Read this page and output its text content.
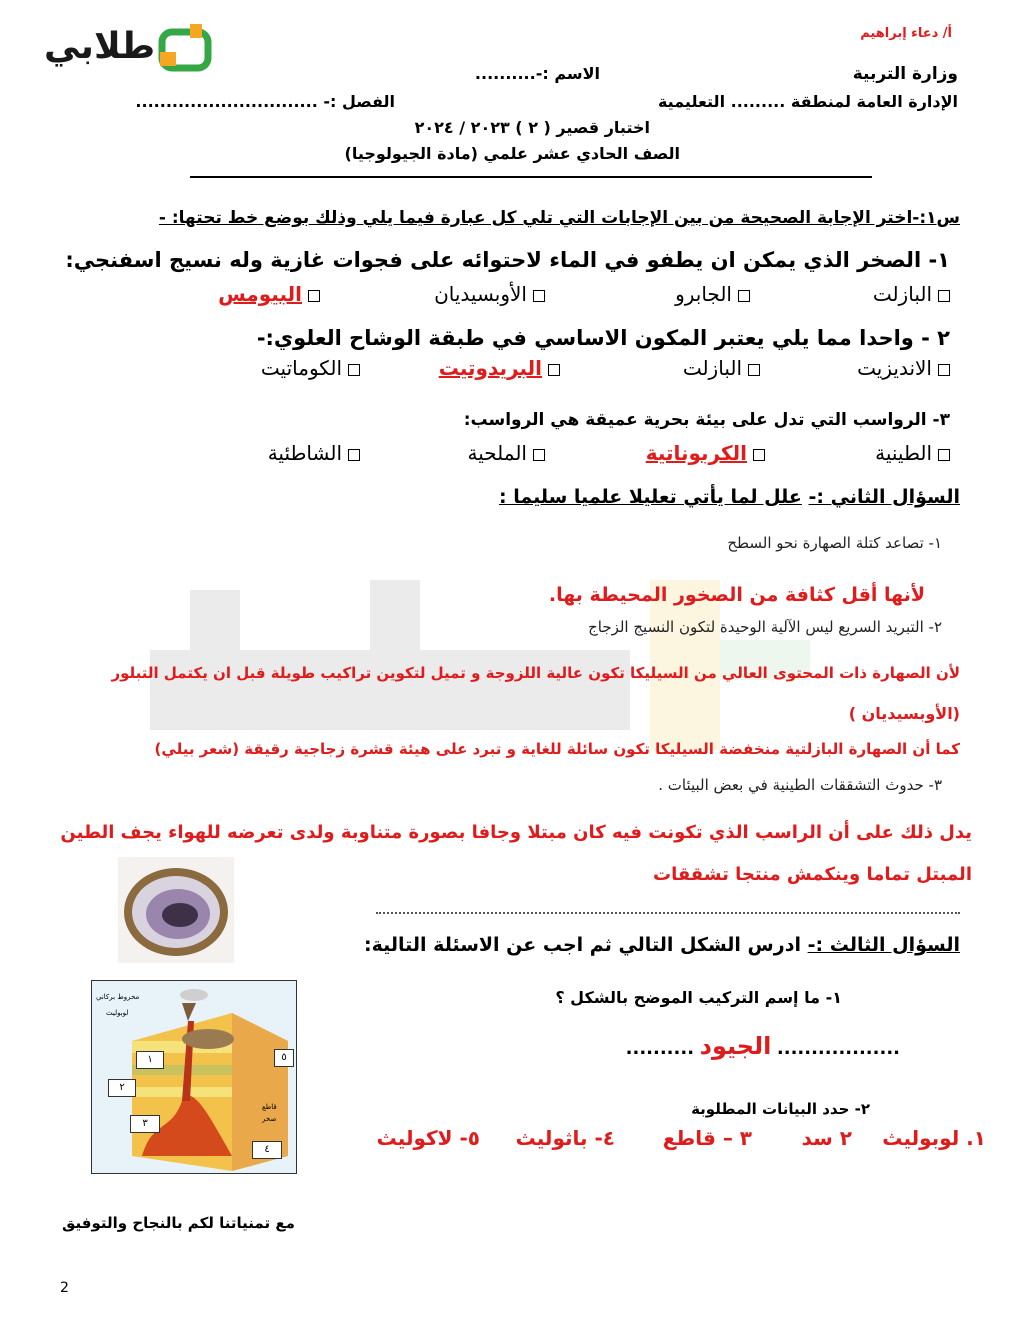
أ/ دعاء إبراهيم
طلابي
وزارة التربية
الاسم :-..........
الإدارة العامة لمنطقة ......... التعليمية
الفصل :- ..............................
اختبار قصير ( ٢ ) ٢٠٢٣ / ٢٠٢٤
الصف الحادي عشر علمي (مادة الجيولوجيا)
س١:-اختر الإجابة الصحيحة من بين الإجابات التي تلي كل عبارة فيما يلي وذلك بوضع خط تحتها: -
١- الصخر الذي يمكن ان يطفو في الماء لاحتوائه على فجوات غازية وله نسيج اسفنجي:
البازلت
الجابرو
الأوبسيديان
البيومس
٢ - واحدا مما يلي يعتبر المكون الاساسي في طبقة الوشاح العلوي:-
الانديزيت
البازلت
البريدوتيت
الكوماتيت
٣- الرواسب التي تدل على بيئة بحرية عميقة هي الرواسب:
الطينية
الكربوناتية
الملحية
الشاطئية
السؤال الثاني :- علل لما يأتي تعليلا علميا سليما :
١- تصاعد كتلة الصهارة نحو السطح
لأنها أقل كثافة من الصخور المحيطة بها.
٢- التبريد السريع ليس الآلية الوحيدة لتكون النسيج الزجاج
لأن الصهارة ذات المحتوى العالي من السيليكا تكون عالية اللزوجة و تميل لتكوين تراكيب طويلة قبل ان يكتمل التبلور
(الأوبسيديان )
كما أن الصهارة البازلتية منخفضة السيليكا تكون سائلة للغاية و تبرد على هيئة قشرة زجاجية رقيقة (شعر بيلي)
٣- حدوث التشققات الطينية في بعض البيئات .
يدل ذلك على أن الراسب الذي تكونت فيه كان مبتلا وجافا بصورة متناوبة ولدى تعرضه للهواء يجف الطين
المبتل تماما وينكمش منتجا تشققات
السؤال الثالث :- ادرس الشكل التالي ثم اجب عن الاسئلة التالية:
١- ما إسم التركيب الموضح بالشكل ؟
.................. الجيود ..........
٢- حدد البيانات المطلوبة
١. لوبوليث
٢ سد
٣ – قاطع
٤- باثوليث
٥- لاكوليث
١
٢
٣
٤
٥
مخروط بركاني
لوبوليث
قاطع
صخر
مع تمنياتنا لكم بالنجاح والتوفيق
2
